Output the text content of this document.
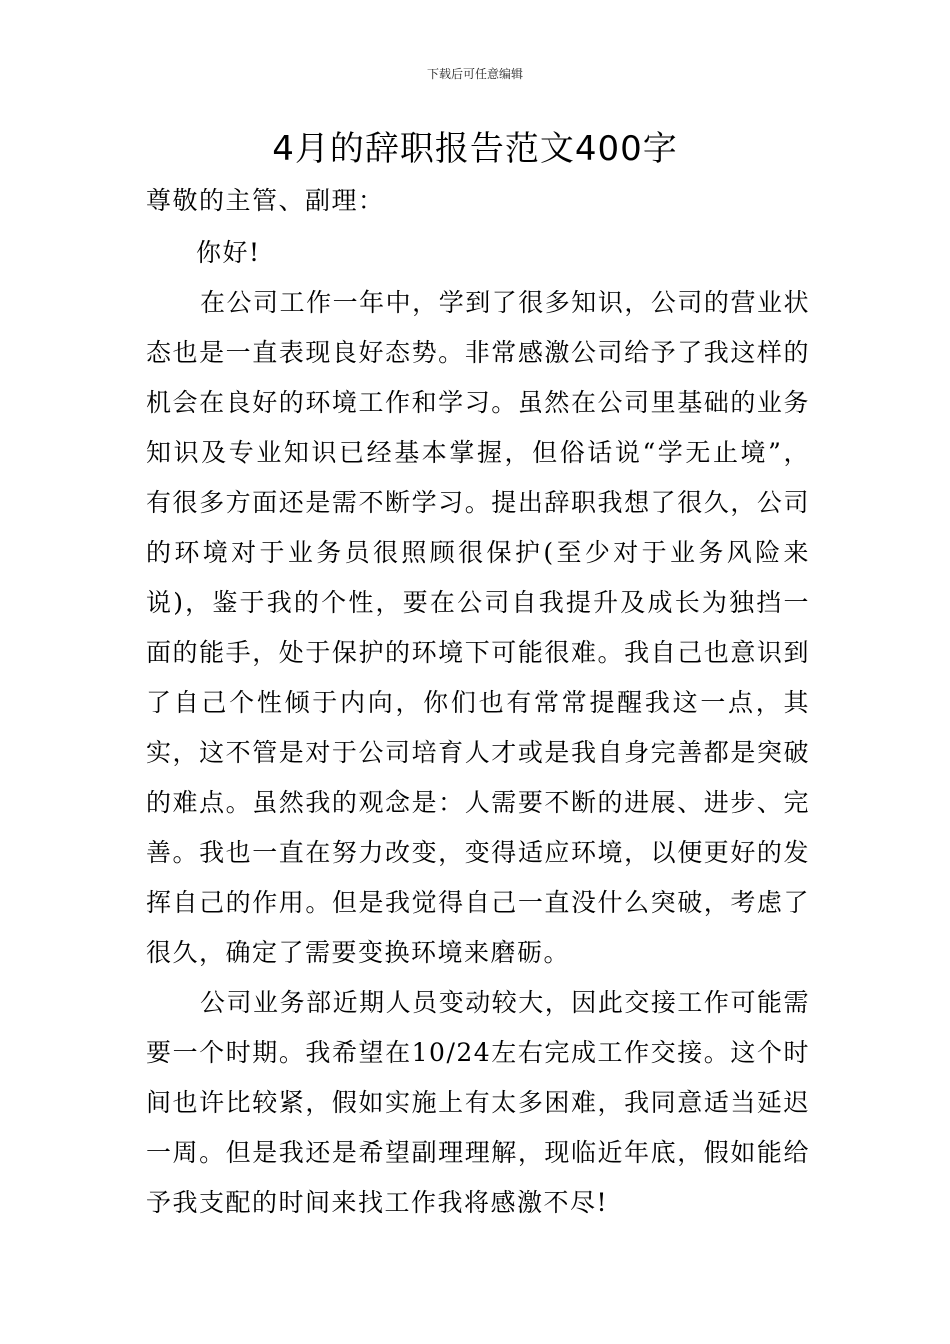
下载后可任意编辑
4月的辞职报告范文400字

尊敬的主管、副理：

你好!

在公司工作一年中，学到了很多知识，公司的营业状态也是一直表现良好态势。非常感激公司给予了我这样的机会在良好的环境工作和学习。虽然在公司里基础的业务知识及专业知识已经基本掌握，但俗话说“学无止境”，有很多方面还是需不断学习。提出辞职我想了很久，公司的环境对于业务员很照顾很保护(至少对于业务风险来说)，鉴于我的个性，要在公司自我提升及成长为独挡一面的能手，处于保护的环境下可能很难。我自己也意识到了自己个性倾于内向，你们也有常常提醒我这一点，其实，这不管是对于公司培育人才或是我自身完善都是突破的难点。虽然我的观念是：人需要不断的进展、进步、完善。我也一直在努力改变，变得适应环境，以便更好的发挥自己的作用。但是我觉得自己一直没什么突破，考虑了很久，确定了需要变换环境来磨砺。

公司业务部近期人员变动较大，因此交接工作可能需要一个时期。我希望在10/24左右完成工作交接。这个时间也许比较紧，假如实施上有太多困难，我同意适当延迟一周。但是我还是希望副理理解，现临近年底，假如能给予我支配的时间来找工作我将感激不尽!
